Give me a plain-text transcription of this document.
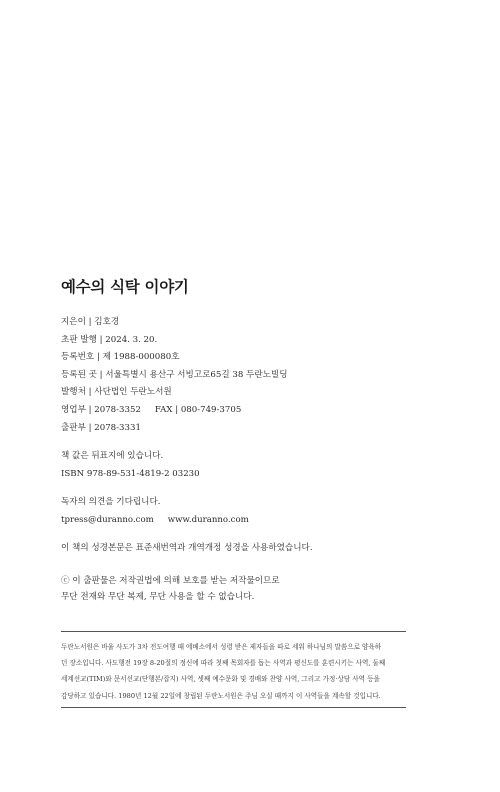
예수의 식탁 이야기
지은이 | 김호경
초판 발행 | 2024. 3. 20.
등록번호 | 제 1988-000080호
등록된 곳 | 서울특별시 용산구 서빙고로65길 38 두란노빌딩
발행처 | 사단법인 두란노서원
영업부 | 2078-3352 FAX | 080-749-3705
출판부 | 2078-3331
책 값은 뒤표지에 있습니다.
ISBN 978-89-531-4819-2 03230
독자의 의견을 기다립니다.
tpress@duranno.com www.duranno.com
이 책의 성경본문은 표준새번역과 개역개정 성경을 사용하였습니다.
ⓒ 이 출판물은 저작권법에 의해 보호를 받는 저작물이므로
무단 전재와 무단 복제, 무단 사용을 할 수 없습니다.
두란노서원은 바울 사도가 3차 전도여행 때 에베소에서 성령 받은 제자들을 따로 세워 하나님의 말씀으로 양육하
던 장소입니다. 사도행전 19장 8-20절의 정신에 따라 첫째 목회자를 돕는 사역과 평신도를 훈련시키는 사역, 둘째
세계선교(TIM)와 문서선교(단행본/잡지) 사역, 셋째 예수문화 및 경배와 찬양 사역, 그리고 가정·상담 사역 등을
감당하고 있습니다. 1980년 12월 22일에 창립된 두란노서원은 주님 오실 때까지 이 사역들을 계속할 것입니다.
